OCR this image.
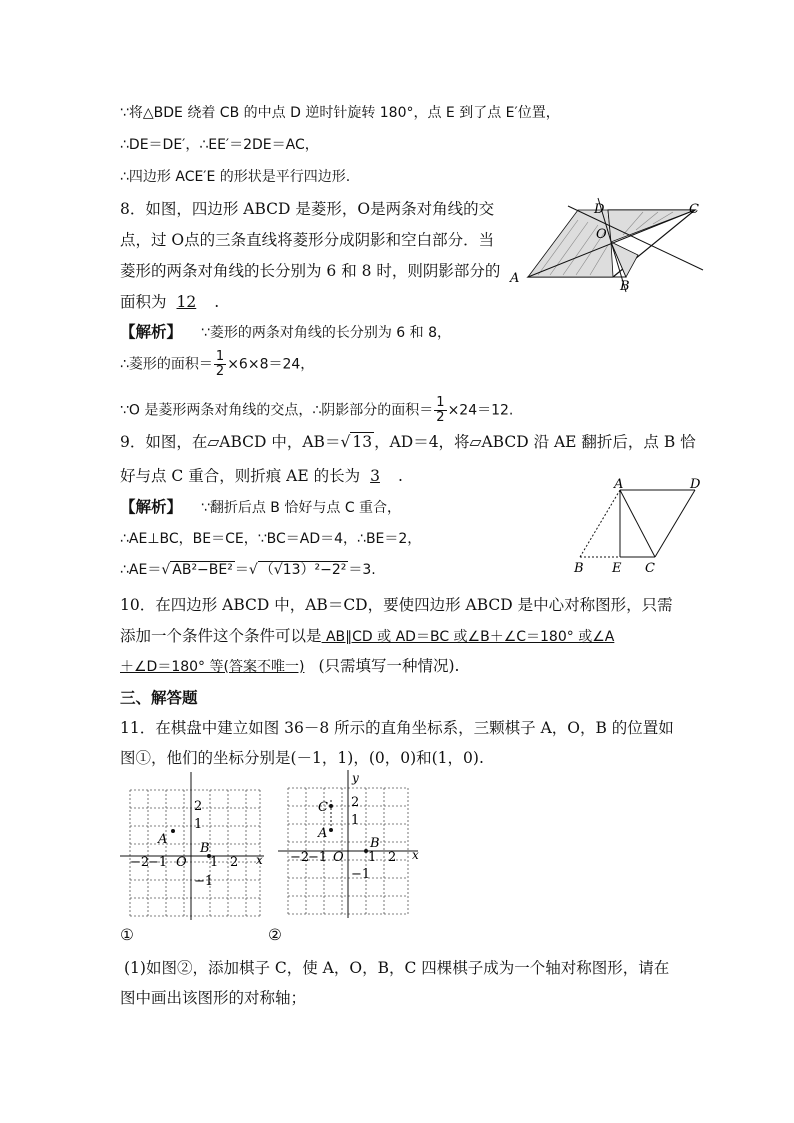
∵将△BDE 绕着 CB 的中点 D 逆时针旋转 180°，点 E 到了点 E′位置，
∴DE＝DE′，∴EE′＝2DE＝AC，
∴四边形 ACE′E 的形状是平行四边形.
8．如图，四边形 ABCD 是菱形，O是两条对角线的交
点，过 O点的三条直线将菱形分成阴影和空白部分．当
菱形的两条对角线的长分别为 6 和 8 时，则阴影部分的
面积为 12 .
【解析】 ∵菱形的两条对角线的长分别为 6 和 8，
∴菱形的面积＝ $\frac{1}{2} \times 6\times 8=24$，
∵O 是菱形两条对角线的交点，∴阴影部分的面积＝ $\frac{1}{2} \times 24=12$.
A
B
C
D
O
9．如图，在▱ABCD 中，AB＝√ 13 ，AD＝4，将▱ABCD 沿 AE 翻折后，点 B 恰
好与点 C 重合，则折痕 AE 的长为 3 .
【解析】 ∵翻折后点 B 恰好与点 C 重合，
∴AE⊥BC，BE＝CE，∵BC＝AD＝4，∴BE＝2，
∴AE＝√ AB²−BE² ＝√ （√13）²−2² ＝3.
A
B	C
D
E
10．在四边形 ABCD 中，AB＝CD，要使四边形 ABCD 是中心对称图形，只需
添加一个条件这个条件可以是 AB∥CD 或 AD＝BC 或∠B＋∠C＝180° 或∠A
＋∠D＝180° 等(答案不唯一) (只需填写一种情况).
三、解答题
11．在棋盘中建立如图 36－8 所示的直角坐标系，三颗棋子 A，O，B 的位置如
图①，他们的坐标分别是(－1，1)，(0，0)和(1，0).
2
1
−1
−2
−1	1 2
O
A
B
x
y
2
1
−1
−2
−1	1 2
O
C
A
B
x
①	②
(1)如图②，添加棋子 C，使 A，O，B，C 四棵棋子成为一个轴对称图形，请在
图中画出该图形的对称轴；
